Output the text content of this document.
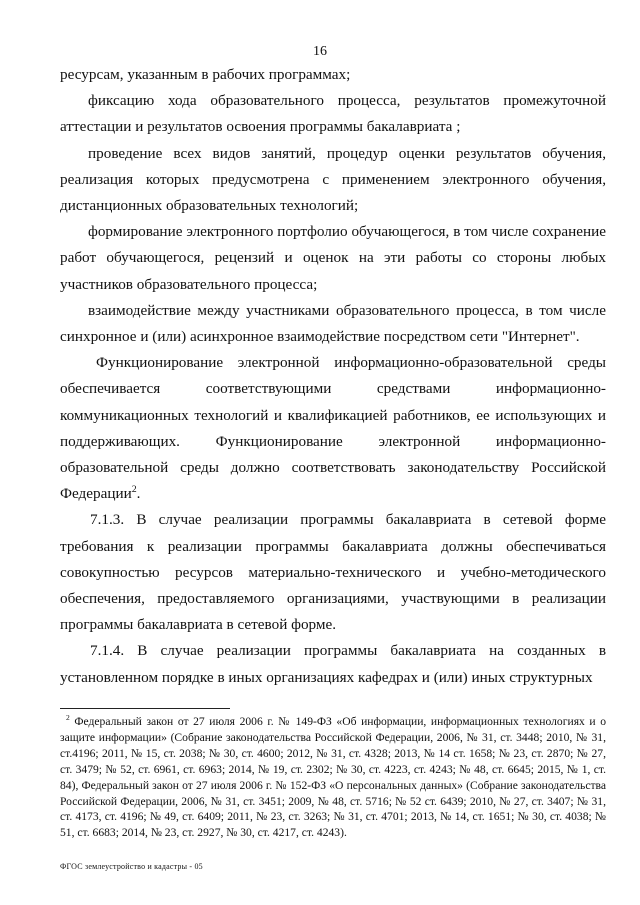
16

ресурсам, указанным в рабочих программах;

фиксацию хода образовательного процесса, результатов промежуточной аттестации и результатов освоения программы бакалавриата ;

проведение всех видов занятий, процедур оценки результатов обучения, реализация которых предусмотрена с применением электронного обучения, дистанционных образовательных технологий;

формирование электронного портфолио обучающегося, в том числе сохранение работ обучающегося, рецензий и оценок на эти работы со стороны любых участников образовательного процесса;

взаимодействие между участниками образовательного процесса, в том числе синхронное и (или) асинхронное взаимодействие посредством сети "Интернет".

Функционирование электронной информационно-образовательной среды обеспечивается соответствующими средствами информационно-коммуникационных технологий и квалификацией работников, ее использующих и поддерживающих. Функционирование электронной информационно-образовательной среды должно соответствовать законодательству Российской Федерации$^2$.

7.1.3. В случае реализации программы бакалавриата в сетевой форме требования к реализации программы бакалавриата должны обеспечиваться совокупностью ресурсов материально-технического и учебно-методического обеспечения, предоставляемого организациями, участвующими в реализации программы бакалавриата в сетевой форме.

7.1.4. В случае реализации программы бакалавриата на созданных в установленном порядке в иных организациях кафедрах и (или) иных структурных

$^2$ Федеральный закон от 27 июля 2006 г. № 149-ФЗ «Об информации, информационных технологиях и о защите информации» (Собрание законодательства Российской Федерации, 2006, № 31, ст. 3448; 2010, № 31, ст.4196; 2011, № 15, ст. 2038; № 30, ст. 4600; 2012, № 31, ст. 4328; 2013, № 14 ст. 1658; № 23, ст. 2870; № 27, ст. 3479; № 52, ст. 6961, ст. 6963; 2014, № 19, ст. 2302; № 30, ст. 4223, ст. 4243; № 48, ст. 6645; 2015, № 1, ст. 84), Федеральный закон от 27 июля 2006 г. № 152-ФЗ «О персональных данных» (Собрание законодательства Российской Федерации, 2006, № 31, ст. 3451; 2009, № 48, ст. 5716; № 52 ст. 6439; 2010, № 27, ст. 3407; № 31, ст. 4173, ст. 4196; № 49, ст. 6409; 2011, № 23, ст. 3263; № 31, ст. 4701; 2013, № 14, ст. 1651; № 30, ст. 4038; № 51, ст. 6683; 2014, № 23, ст. 2927, № 30, ст. 4217, ст. 4243).

ФГОС землеустройство и кадастры - 05
